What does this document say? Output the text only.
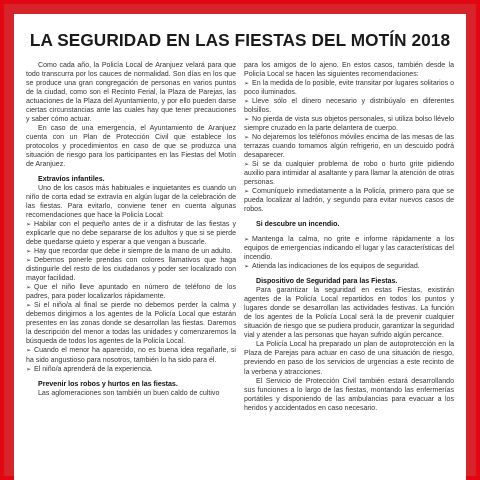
LA SEGURIDAD EN LAS FIESTAS DEL MOTÍN 2018

Como cada año, la Policía Local de Aranjuez velará para que todo transcurra por los cauces de normalidad. Son días en los que se produce una gran congregación de personas en varios puntos de la ciudad, como son el Recinto Ferial, la Plaza de Parejas, las actuaciones de la Plaza del Ayuntamiento, y por ello pueden darse ciertas circunstancias ante las cuales hay que tener precauciones y saber cómo actuar.

En caso de una emergencia, el Ayuntamiento de Aranjuez cuenta con un Plan de Protección Civil que establece los protocolos y procedimientos en caso de que se produzca una situación de riesgo para los participantes en las Fiestas del Motín de Aranjuez.

Extravíos infantiles.

Uno de los casos más habituales e inquietantes es cuando un niño de corta edad se extravía en algún lugar de la celebración de las fiestas. Para evitarlo, conviene tener en cuenta algunas recomendaciones que hace la Policía Local:

➢ Habilar con el pequeño antes de ir a disfrutar de las fiestas y explicarle que no debe separarse de los adultos y que si se pierde debe quedarse quieto y esperar a que vengan a buscarle.

➢ Hay que recordar que debe ir siempre de la mano de un adulto.

➢ Debemos ponerle prendas con colores llamativos que haga distinguirle del resto de los ciudadanos y poder ser localizado con mayor facilidad.

➢ Que el niño lleve apuntado en número de teléfono de los padres, para poder localizarlos rápidamente.

➢ Si el niño/a al final se pierde no debemos perder la calma y debemos dirigirnos a los agentes de la Policía Local que estarán presentes en las zonas donde se desarrollan las fiestas. Daremos la descripción del menor a todas las unidades y comenzaremos la búsqueda de todos los agentes de la Policía Local.

➢ Cuando el menor ha aparecido, no es buena idea regañarle, si ha sido angustioso para nosotros, también lo ha sido para él.

➢ El niño/a aprenderá de la experiencia.

Prevenir los robos y hurtos en las fiestas.

Las aglomeraciones son también un buen caldo de cultivo

para los amigos de lo ajeno. En estos casos, también desde la Policía Local se hacen las siguientes recomendaciones:

➢ En la medida de lo posible, evite transitar por lugares solitarios o poco iluminados.

➢ Lleve sólo el dinero necesario y distribúyalo en diferentes bolsillos.

➢ No pierda de vista sus objetos personales, si utiliza bolso llévelo siempre cruzado en la parte delantera de cuerpo.

➢ No dejaremos los teléfonos móviles encima de las mesas de las terrazas cuando tomamos algún refrigerio, en un descuido podrá desaparecer.

➢ Si se da cualquier problema de robo o hurto grite pidiendo auxilio para intimidar al asaltante y para llamar la atención de otras personas.

➢ Comuníquelo inmediatamente a la Policía, primero para que se pueda localizar al ladrón, y segundo para evitar nuevos casos de robos.

Si descubre un incendio.

➢ Mantenga la calma, no grite e informe rápidamente a los equipos de emergencias indicando el lugar y las características del incendio.

➢ Atienda las indicaciones de los equipos de seguridad.

Dispositivo de Seguridad para las Fiestas.

Para garantizar la seguridad en estas Fiestas, existirán agentes de la Policía Local repartidos en todos los puntos y lugares donde se desarrollan las actividades festivas. La función de los agentes de la Policía Local será la de prevenir cualquier situación de riesgo que se pudiera producir, garantizar la seguridad vial y atender a las personas que hayan sufrido algún percance.

La Policía Local ha preparado un plan de autoprotección en la Plaza de Parejas para actuar en caso de una situación de riesgo, previendo en paso de los servicios de urgencias a este recinto de la verbena y atracciones.

El Servicio de Protección Civil también estará desarrollando sus funciones a lo largo de las fiestas, montando las enfermerías portátiles y disponiendo de las ambulancias para evacuar a los heridos y accidentados en caso necesario.
